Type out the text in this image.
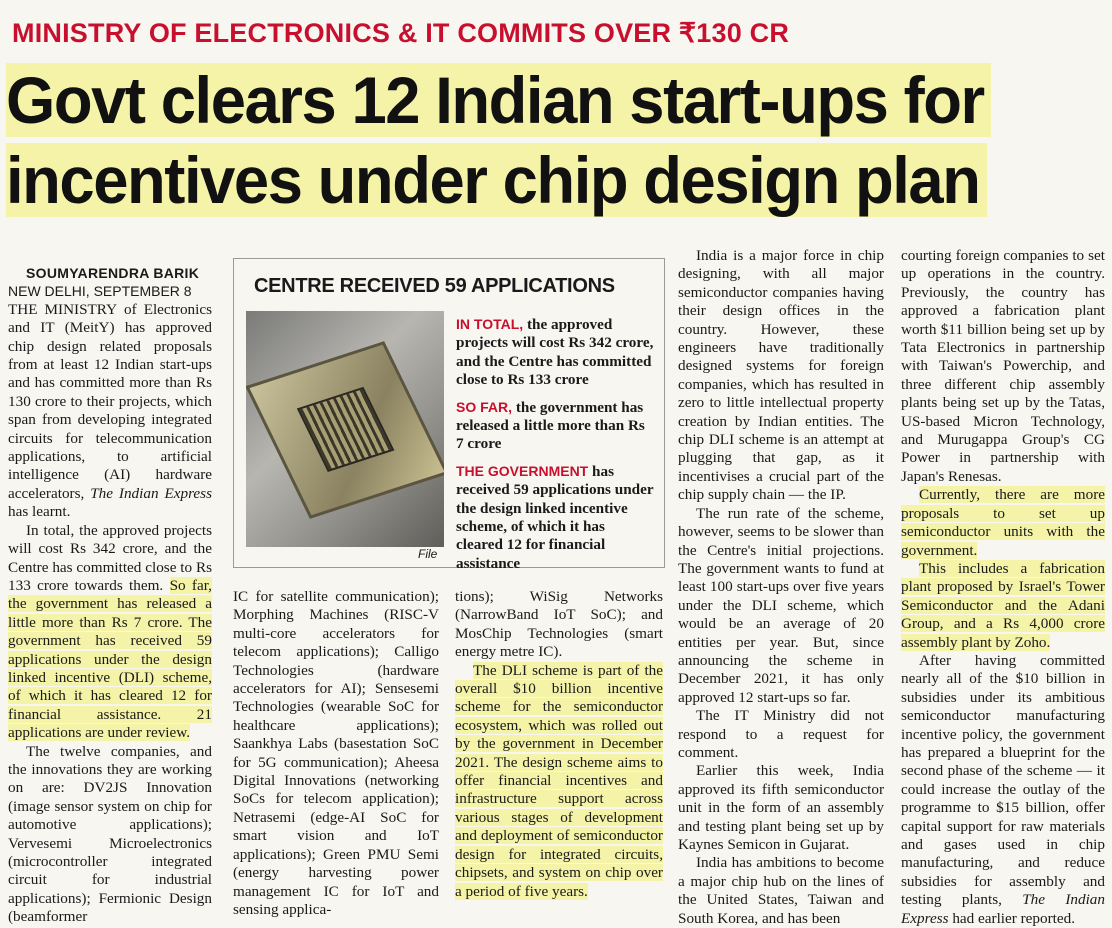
MINISTRY OF ELECTRONICS & IT COMMITS OVER ₹130 CR
Govt clears 12 Indian start-ups for
incentives under chip design plan

SOUMYARENDRA BARIK

NEW DELHI, SEPTEMBER 8

THE MINISTRY of Electronics and IT (MeitY) has approved chip design related proposals from at least 12 Indian start-ups and has committed more than Rs 130 crore to their projects, which span from developing integrated circuits for telecommunication applications, to artificial intelligence (AI) hardware accelerators, The Indian Express has learnt.

In total, the approved projects will cost Rs 342 crore, and the Centre has committed close to Rs 133 crore towards them. So far, the government has released a little more than Rs 7 crore. The government has received 59 applications under the design linked incentive (DLI) scheme, of which it has cleared 12 for financial assistance. 21 applications are under review.

The twelve companies, and the innovations they are working on are: DV2JS Innovation (image sensor system on chip for automotive applications); Vervesemi Microelectronics (microcontroller integrated circuit for industrial applications); Fermionic Design (beamformer

CENTRE RECEIVED 59 APPLICATIONS
File

IN TOTAL, the approved projects will cost Rs 342 crore, and the Centre has committed close to Rs 133 crore

SO FAR, the government has released a little more than Rs 7 crore

THE GOVERNMENT has received 59 applications under the design linked incentive scheme, of which it has cleared 12 for financial assistance

IC for satellite communication); Morphing Machines (RISC-V multi-core accelerators for telecom applications); Calligo Technologies (hardware accelerators for AI); Sensesemi Technologies (wearable SoC for healthcare applications); Saankhya Labs (basestation SoC for 5G communication); Aheesa Digital Innovations (networking SoCs for telecom application); Netrasemi (edge-AI SoC for smart vision and IoT applications); Green PMU Semi (energy harvesting power management IC for IoT and sensing applica-

tions); WiSig Networks (NarrowBand IoT SoC); and MosChip Technologies (smart energy metre IC).

The DLI scheme is part of the overall $10 billion incentive scheme for the semiconductor ecosystem, which was rolled out by the government in December 2021. The design scheme aims to offer financial incentives and infrastructure support across various stages of development and deployment of semiconductor design for integrated circuits, chipsets, and system on chip over a period of five years.

India is a major force in chip designing, with all major semiconductor companies having their design offices in the country. However, these engineers have traditionally designed systems for foreign companies, which has resulted in zero to little intellectual property creation by Indian entities. The chip DLI scheme is an attempt at plugging that gap, as it incentivises a crucial part of the chip supply chain — the IP.

The run rate of the scheme, however, seems to be slower than the Centre's initial projections. The government wants to fund at least 100 start-ups over five years under the DLI scheme, which would be an average of 20 entities per year. But, since announcing the scheme in December 2021, it has only approved 12 start-ups so far.

The IT Ministry did not respond to a request for comment.

Earlier this week, India approved its fifth semiconductor unit in the form of an assembly and testing plant being set up by Kaynes Semicon in Gujarat.

India has ambitions to become a major chip hub on the lines of the United States, Taiwan and South Korea, and has been

courting foreign companies to set up operations in the country. Previously, the country has approved a fabrication plant worth $11 billion being set up by Tata Electronics in partnership with Taiwan's Powerchip, and three different chip assembly plants being set up by the Tatas, US-based Micron Technology, and Murugappa Group's CG Power in partnership with Japan's Renesas.

Currently, there are more proposals to set up semiconductor units with the government.

This includes a fabrication plant proposed by Israel's Tower Semiconductor and the Adani Group, and a Rs 4,000 crore assembly plant by Zoho.

After having committed nearly all of the $10 billion in subsidies under its ambitious semiconductor manufacturing incentive policy, the government has prepared a blueprint for the second phase of the scheme — it could increase the outlay of the programme to $15 billion, offer capital support for raw materials and gases used in chip manufacturing, and reduce subsidies for assembly and testing plants, The Indian Express had earlier reported.
